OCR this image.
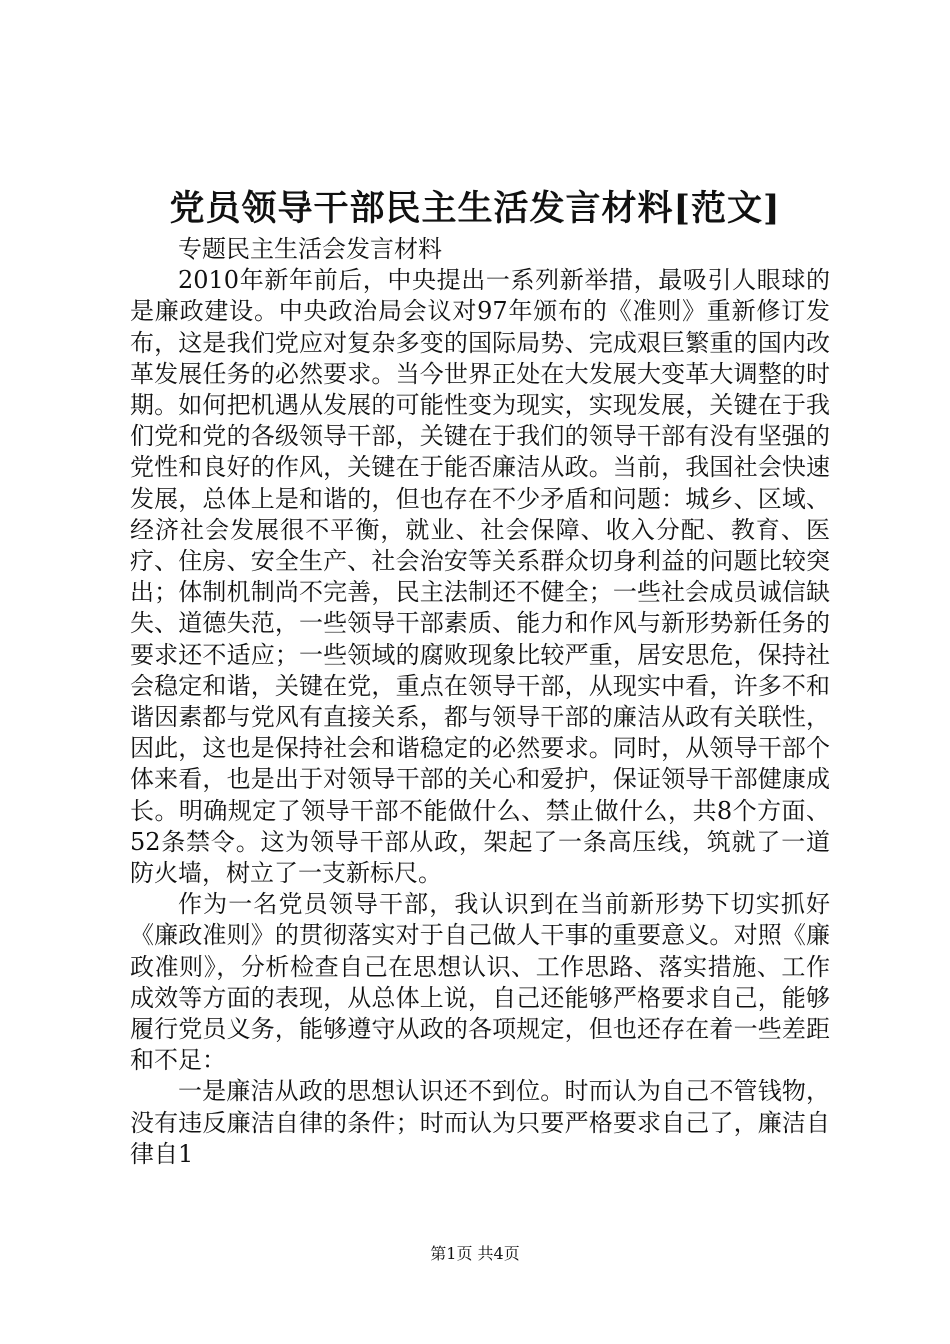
党员领导干部民主生活发言材料[范文]

专题民主生活会发言材料

2010年新年前后，中央提出一系列新举措，最吸引人眼球的是廉政建设。中央政治局会议对97年颁布的《准则》重新修订发布，这是我们党应对复杂多变的国际局势、完成艰巨繁重的国内改革发展任务的必然要求。当今世界正处在大发展大变革大调整的时期。如何把机遇从发展的可能性变为现实，实现发展，关键在于我们党和党的各级领导干部，关键在于我们的领导干部有没有坚强的党性和良好的作风，关键在于能否廉洁从政。当前，我国社会快速发展，总体上是和谐的，但也存在不少矛盾和问题：城乡、区域、经济社会发展很不平衡，就业、社会保障、收入分配、教育、医疗、住房、安全生产、社会治安等关系群众切身利益的问题比较突出；体制机制尚不完善，民主法制还不健全；一些社会成员诚信缺失、道德失范，一些领导干部素质、能力和作风与新形势新任务的要求还不适应；一些领域的腐败现象比较严重，居安思危，保持社会稳定和谐，关键在党，重点在领导干部，从现实中看，许多不和谐因素都与党风有直接关系，都与领导干部的廉洁从政有关联性，因此，这也是保持社会和谐稳定的必然要求。同时，从领导干部个体来看，也是出于对领导干部的关心和爱护，保证领导干部健康成长。明确规定了领导干部不能做什么、禁止做什么，共8个方面、52条禁令。这为领导干部从政，架起了一条高压线，筑就了一道防火墙，树立了一支新标尺。

作为一名党员领导干部，我认识到在当前新形势下切实抓好《廉政准则》的贯彻落实对于自己做人干事的重要意义。对照《廉政准则》，分析检查自己在思想认识、工作思路、落实措施、工作成效等方面的表现，从总体上说，自己还能够严格要求自己，能够履行党员义务，能够遵守从政的各项规定，但也还存在着一些差距和不足：

一是廉洁从政的思想认识还不到位。时而认为自己不管钱物，没有违反廉洁自律的条件；时而认为只要严格要求自己了，廉洁自律自1

第1页 共4页
